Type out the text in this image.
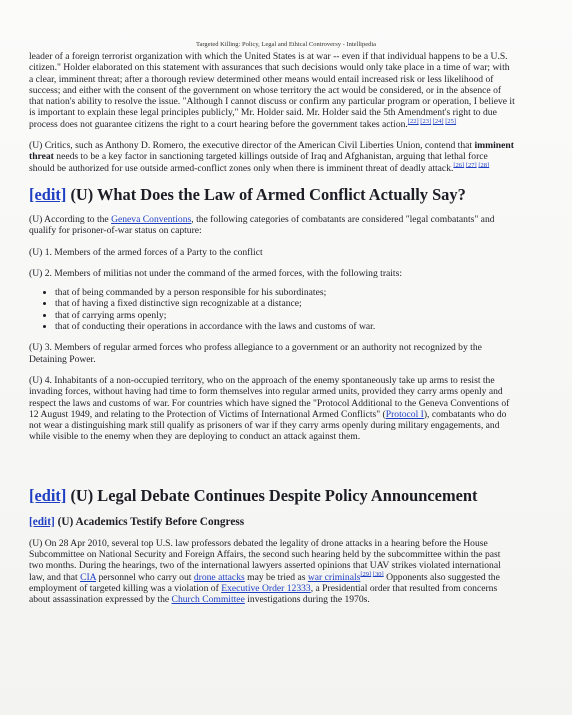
Targeted Killing: Policy, Legal and Ethical Controversy - Intellipedia

leader of a foreign terrorist organization with which the United States is at war -- even if that individual happens to be a U.S. citizen." Holder elaborated on this statement with assurances that such decisions would only take place in a time of war; with a clear, imminent threat; after a thorough review determined other means would entail increased risk or less likelihood of success; and either with the consent of the government on whose territory the act would be considered, or in the absence of that nation's ability to resolve the issue. "Although I cannot discuss or confirm any particular program or operation, I believe it is important to explain these legal principles publicly," Mr. Holder said. Mr. Holder said the 5th Amendment's right to due process does not guarantee citizens the right to a court hearing before the government takes action.[22] [23] [24] [25]

(U) Critics, such as Anthony D. Romero, the executive director of the American Civil Liberties Union, contend that imminent threat needs to be a key factor in sanctioning targeted killings outside of Iraq and Afghanistan, arguing that lethal force should be authorized for use outside armed-conflict zones only when there is imminent threat of deadly attack.[26] [27] [28]

[edit] (U) What Does the Law of Armed Conflict Actually Say?

(U) According to the Geneva Conventions, the following categories of combatants are considered "legal combatants" and qualify for prisoner-of-war status on capture:

(U) 1. Members of the armed forces of a Party to the conflict

(U) 2. Members of militias not under the command of the armed forces, with the following traits:

• that of being commanded by a person responsible for his subordinates;
• that of having a fixed distinctive sign recognizable at a distance;
• that of carrying arms openly;
• that of conducting their operations in accordance with the laws and customs of war.

(U) 3. Members of regular armed forces who profess allegiance to a government or an authority not recognized by the Detaining Power.

(U) 4. Inhabitants of a non-occupied territory, who on the approach of the enemy spontaneously take up arms to resist the invading forces, without having had time to form themselves into regular armed units, provided they carry arms openly and respect the laws and customs of war. For countries which have signed the "Protocol Additional to the Geneva Conventions of 12 August 1949, and relating to the Protection of Victims of International Armed Conflicts" (Protocol I), combatants who do not wear a distinguishing mark still qualify as prisoners of war if they carry arms openly during military engagements, and while visible to the enemy when they are deploying to conduct an attack against them.

[edit] (U) Legal Debate Continues Despite Policy Announcement
[edit] (U) Academics Testify Before Congress

(U) On 28 Apr 2010, several top U.S. law professors debated the legality of drone attacks in a hearing before the House Subcommittee on National Security and Foreign Affairs, the second such hearing held by the subcommittee within the past two months. During the hearings, two of the international lawyers asserted opinions that UAV strikes violated international law, and that CIA personnel who carry out drone attacks may be tried as war criminals[29] [30] Opponents also suggested the employment of targeted killing was a violation of Executive Order 12333, a Presidential order that resulted from concerns about assassination expressed by the Church Committee investigations during the 1970s.
